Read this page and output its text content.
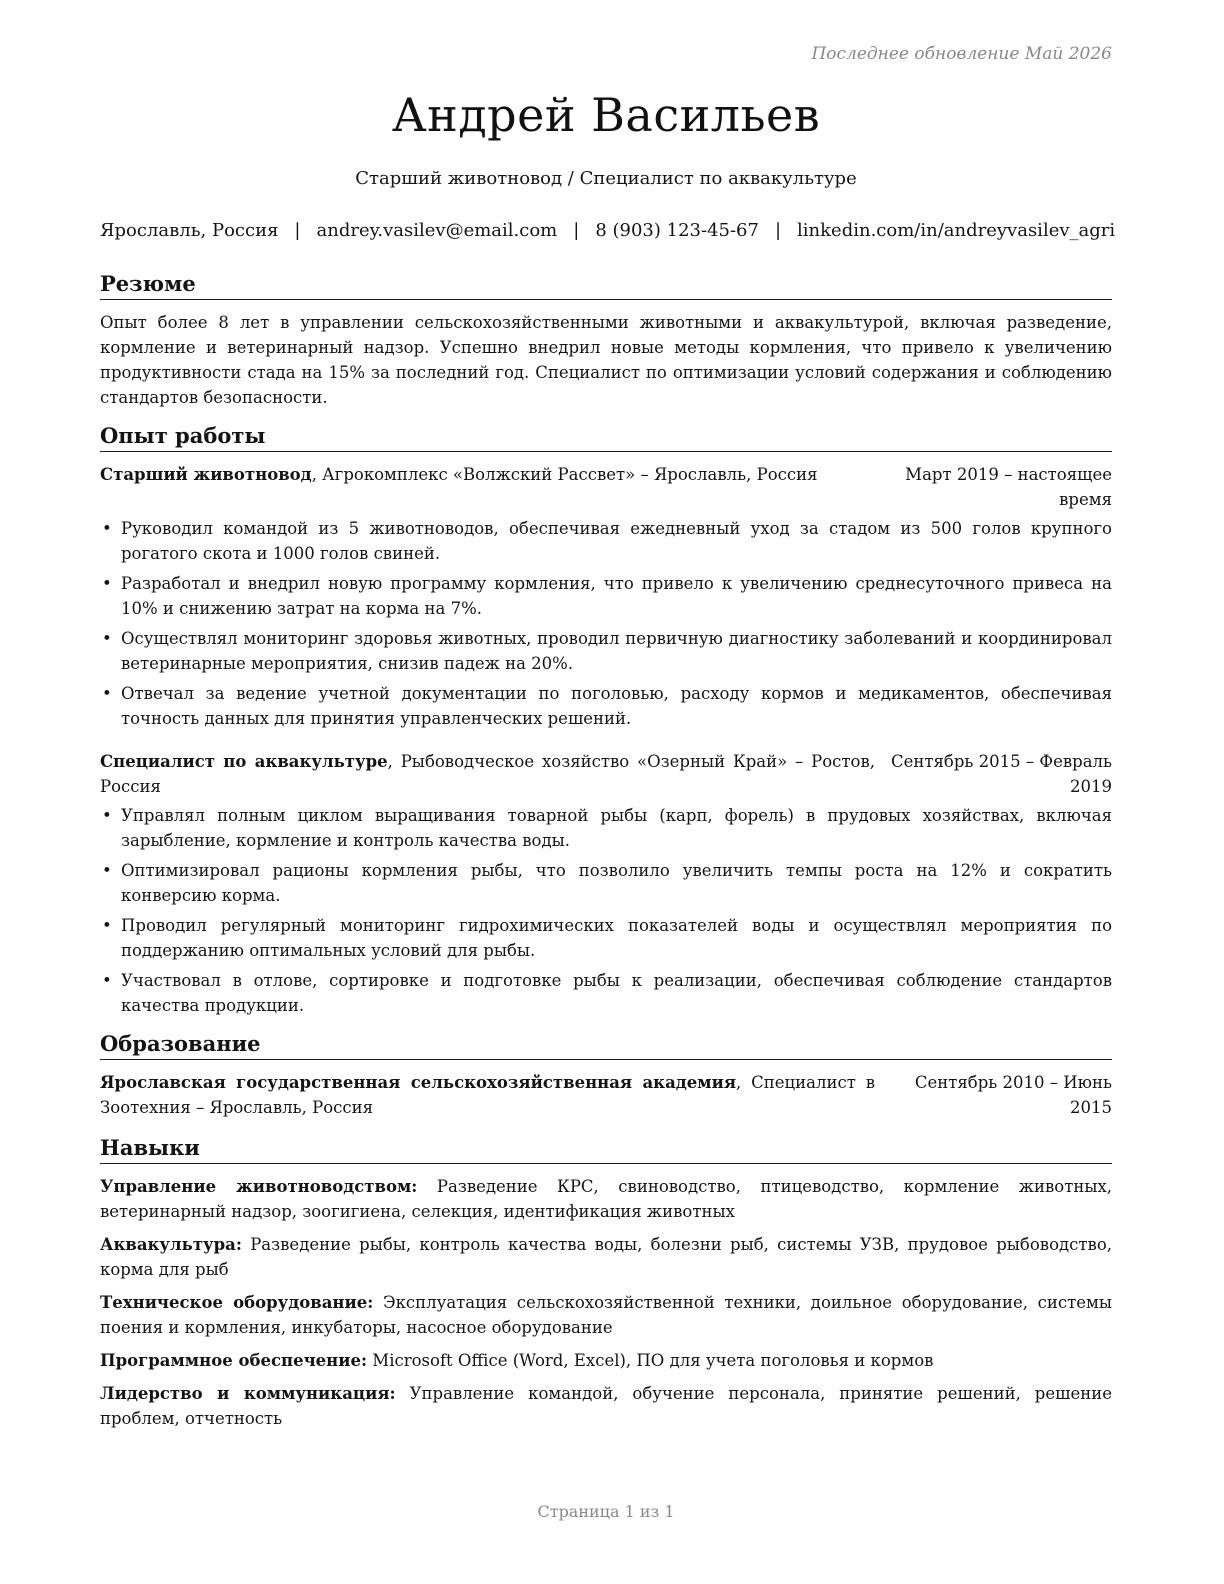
Последнее обновление Май 2026
Андрей Васильев
Старший животновод / Специалист по аквакультуре
Ярославль, Россия | andrey.vasilev@email.com | 8 (903) 123-45-67 | linkedin.com/in/andreyvasilev_agri
Резюме
Опыт более 8 лет в управлении сельскохозяйственными животными и аквакультурой, включая разведение, кормление и ветеринарный надзор. Успешно внедрил новые методы кормления, что привело к увеличению продуктивности стада на 15% за последний год. Специалист по оптимизации условий содержания и соблюдению стандартов безопасности.
Опыт работы
Старший животновод, Агрокомплекс «Волжский Рассвет» – Ярославль, Россия	Март 2019 – настоящее время
• Руководил командой из 5 животноводов, обеспечивая ежедневный уход за стадом из 500 голов крупного рогатого скота и 1000 голов свиней.
• Разработал и внедрил новую программу кормления, что привело к увеличению среднесуточного привеса на 10% и снижению затрат на корма на 7%.
• Осуществлял мониторинг здоровья животных, проводил первичную диагностику заболеваний и координировал ветеринарные мероприятия, снизив падеж на 20%.
• Отвечал за ведение учетной документации по поголовью, расходу кормов и медикаментов, обеспечивая точность данных для принятия управленческих решений.
Специалист по аквакультуре, Рыбоводческое хозяйство «Озерный Край» – Ростов, Россия
Сентябрь 2015 – Февраль 2019
• Управлял полным циклом выращивания товарной рыбы (карп, форель) в прудовых хозяйствах, включая зарыбление, кормление и контроль качества воды.
• Оптимизировал рационы кормления рыбы, что позволило увеличить темпы роста на 12% и сократить конверсию корма.
• Проводил регулярный мониторинг гидрохимических показателей воды и осуществлял мероприятия по поддержанию оптимальных условий для рыбы.
• Участвовал в отлове, сортировке и подготовке рыбы к реализации, обеспечивая соблюдение стандартов качества продукции.
Образование
Ярославская государственная сельскохозяйственная академия, Специалист в Зоотехния – Ярославль, Россия
Сентябрь 2010 – Июнь 2015
Навыки
Управление животноводством: Разведение КРС, свиноводство, птицеводство, кормление животных, ветеринарный надзор, зоогигиена, селекция, идентификация животных
Аквакультура: Разведение рыбы, контроль качества воды, болезни рыб, системы УЗВ, прудовое рыбоводство, корма для рыб
Техническое оборудование: Эксплуатация сельскохозяйственной техники, доильное оборудование, системы поения и кормления, инкубаторы, насосное оборудование
Программное обеспечение: Microsoft Office (Word, Excel), ПО для учета поголовья и кормов
Лидерство и коммуникация: Управление командой, обучение персонала, принятие решений, решение проблем, отчетность
Страница 1 из 1
